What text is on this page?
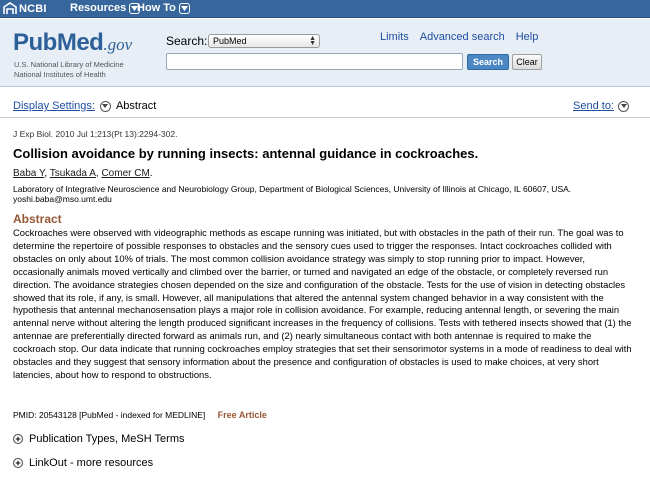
NCBI Resources How To
PubMed.gov
U.S. National Library of Medicine
National Institutes of Health
Search: PubMed	▲
▼
Limits Advanced search Help
Search	Clear
Display Settings: Abstract	Send to:
J Exp Biol. 2010 Jul 1;213(Pt 13):2294-302.
Collision avoidance by running insects: antennal guidance in cockroaches.
Baba Y, Tsukada A, Comer CM.
Laboratory of Integrative Neuroscience and Neurobiology Group, Department of Biological Sciences, University of Illinois at Chicago, IL 60607, USA.
yoshi.baba@mso.umt.edu
Abstract
Cockroaches were observed with videographic methods as escape running was initiated, but with obstacles in the path of their run. The goal was to determine the repertoire of possible responses to obstacles and the sensory cues used to trigger the responses. Intact cockroaches collided with obstacles on only about 10% of trials. The most common collision avoidance strategy was simply to stop running prior to impact. However, occasionally animals moved vertically and climbed over the barrier, or turned and navigated an edge of the obstacle, or completely reversed run direction. The avoidance strategies chosen depended on the size and configuration of the obstacle. Tests for the use of vision in detecting obstacles showed that its role, if any, is small. However, all manipulations that altered the antennal system changed behavior in a way consistent with the hypothesis that antennal mechanosensation plays a major role in collision avoidance. For example, reducing antennal length, or severing the main antennal nerve without altering the length produced significant increases in the frequency of collisions. Tests with tethered insects showed that (1) the antennae are preferentially directed forward as animals run, and (2) nearly simultaneous contact with both antennae is required to make the cockroach stop. Our data indicate that running cockroaches employ strategies that set their sensorimotor systems in a mode of readiness to deal with obstacles and they suggest that sensory information about the presence and configuration of obstacles is used to make choices, at very short latencies, about how to respond to obstructions.
PMID: 20543128 [PubMed - indexed for MEDLINE] Free Article
+ Publication Types, MeSH Terms
+ LinkOut - more resources
